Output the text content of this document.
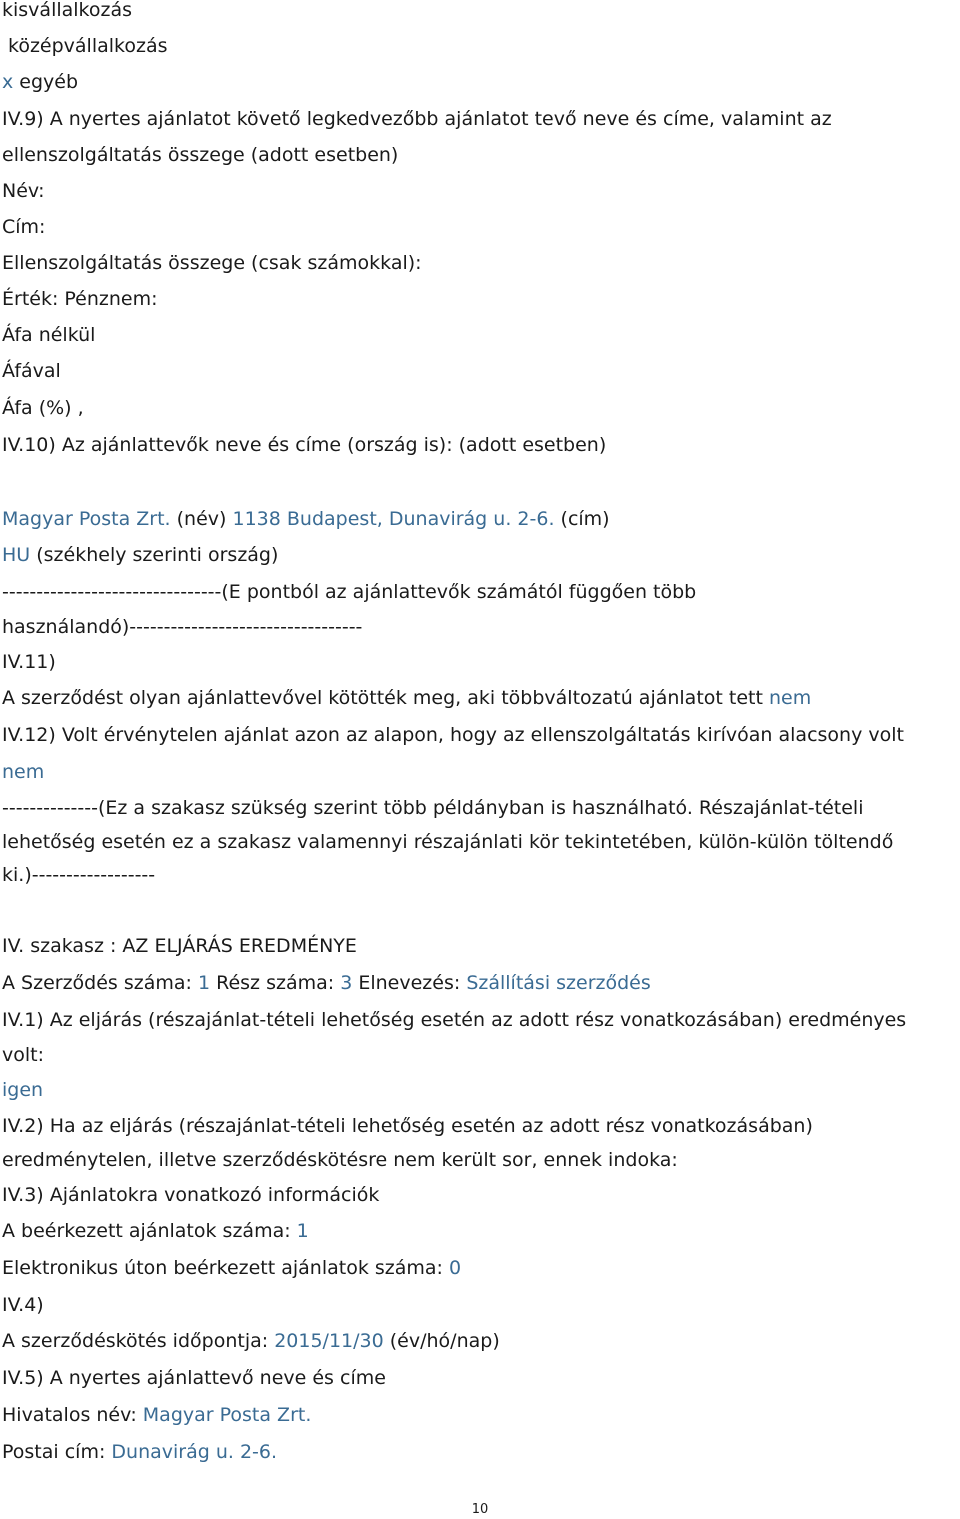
kisvállalkozás
középvállalkozás
x egyéb
IV.9) A nyertes ajánlatot követő legkedvezőbb ajánlatot tevő neve és címe, valamint az
ellenszolgáltatás összege (adott esetben)
Név:
Cím:
Ellenszolgáltatás összege (csak számokkal):
Érték: Pénznem:
Áfa nélkül
Áfával
Áfa (%) ,
IV.10) Az ajánlattevők neve és címe (ország is): (adott esetben)
Magyar Posta Zrt. (név) 1138 Budapest, Dunavirág u. 2-6. (cím)
HU (székhely szerinti ország)
--------------------------------(E pontból az ajánlattevők számától függően több
használandó)----------------------------------
IV.11)
A szerződést olyan ajánlattevővel kötötték meg, aki többváltozatú ajánlatot tett nem
IV.12) Volt érvénytelen ajánlat azon az alapon, hogy az ellenszolgáltatás kirívóan alacsony volt
nem
--------------(Ez a szakasz szükség szerint több példányban is használható. Részajánlat-tételi
lehetőség esetén ez a szakasz valamennyi részajánlati kör tekintetében, külön-külön töltendő
ki.)------------------
IV. szakasz : AZ ELJÁRÁS EREDMÉNYE
A Szerződés száma: 1 Rész száma: 3 Elnevezés: Szállítási szerződés
IV.1) Az eljárás (részajánlat-tételi lehetőség esetén az adott rész vonatkozásában) eredményes
volt:
igen
IV.2) Ha az eljárás (részajánlat-tételi lehetőség esetén az adott rész vonatkozásában)
eredménytelen, illetve szerződéskötésre nem került sor, ennek indoka:
IV.3) Ajánlatokra vonatkozó információk
A beérkezett ajánlatok száma: 1
Elektronikus úton beérkezett ajánlatok száma: 0
IV.4)
A szerződéskötés időpontja: 2015/11/30 (év/hó/nap)
IV.5) A nyertes ajánlattevő neve és címe
Hivatalos név: Magyar Posta Zrt.
Postai cím: Dunavirág u. 2-6.
10
